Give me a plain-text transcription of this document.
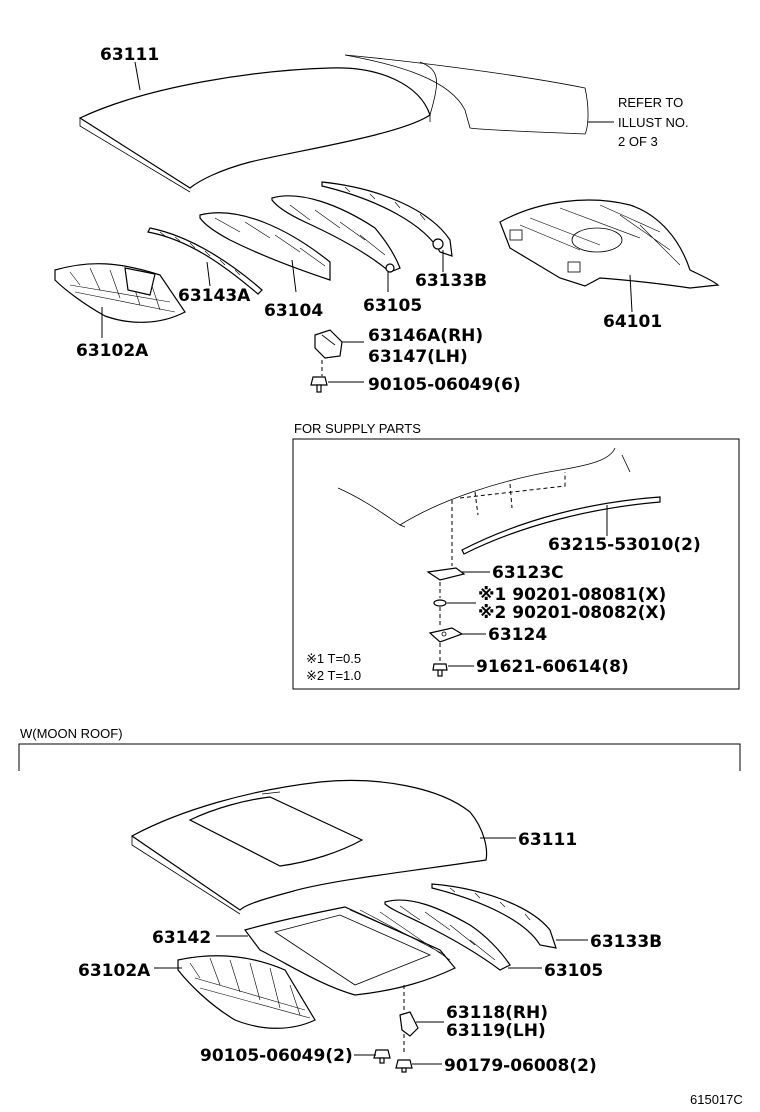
63111
REFER TO
ILLUST NO.
2 OF 3
63143A
63104 63105
63133B
64101
63102A
63146A(RH)
63147(LH)
90105-06049(6)
FOR SUPPLY PARTS
63215-53010(2)
63123C
※1 90201-08081(X)
※2 90201-08082(X)
63124
91621-60614(8)
※1 T=0.5
※2 T=1.0
W(MOON ROOF)
63111
63142	63133B
63102A	63105
63118(RH)
63119(LH)
90105-06049(2)	90179-06008(2)
615017C
